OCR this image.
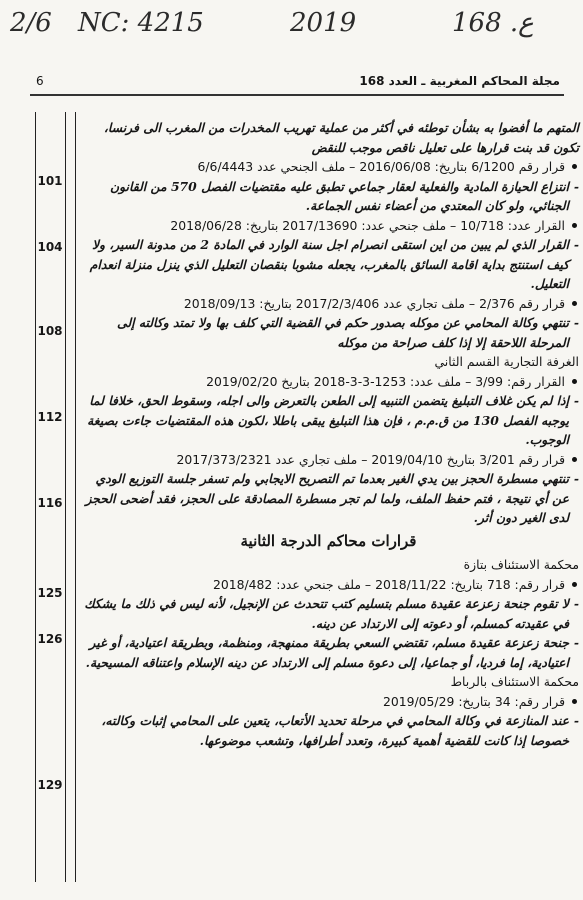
2/6 NC: 4215	2019	168 .ع
مجلة المحاكم المغربية ـ العدد 168
6
101
104
108
112
116
125
126
129

المتهم ما أفضوا به بشأن توطئه في أكثر من عملية تهريب المخدرات من المغرب الى فرنسا، تكون قد بنت قرارها على تعليل ناقص موجب للنقض

قرار رقم 6/1200 بتاريخ: 2016/06/08 – ملف الجنحي عدد 6/6/4443

- انتزاع الحيازة المادية والفعلية لعقار جماعي تطبق عليه مقتضيات الفصل 570 من القانون الجنائي، ولو كان المعتدي من أعضاء نفس الجماعة.

القرار عدد: 10/718 – ملف جنحي عدد: 2017/13690 بتاريخ: 2018/06/28

- القرار الذي لم يبين من اين استقى انصرام اجل سنة الوارد في المادة 2 من مدونة السير، ولا كيف استنتج بداية اقامة السائق بالمغرب، يجعله مشوبا بنقصان التعليل الذي ينزل منزلة انعدام التعليل.

قرار رقم 2/376 – ملف تجاري عدد 2017/2/3/406 بتاريخ: 2018/09/13

- تنتهي وكالة المحامي عن موكله بصدور حكم في القضية التي كلف بها ولا تمتد وكالته إلى المرحلة اللاحقة إلا إذا كلف صراحة من موكله

الغرفة التجارية القسم الثاني

القرار رقم: 3/99 – ملف عدد: 1253-3-3-2018 بتاريخ 2019/02/20

- إذا لم يكن غلاف التبليغ يتضمن التنبيه إلى الطعن بالتعرض والى اجله، وسقوط الحق، خلافا لما يوجبه الفصل 130 من ق.م.م ، فإن هذا التبليغ يبقى باطلا ،لكون هذه المقتضيات جاءت بصيغة الوجوب.

قرار رقم 3/201 بتاريخ 2019/04/10 – ملف تجاري عدد 2017/373/2321

- تنتهي مسطرة الحجز بين يدي الغير بعدما تم التصريح الايجابي ولم تسفر جلسة التوزيع الودي عن أي نتيجة ، فتم حفظ الملف، ولما لم تجر مسطرة المصادقة على الحجز، فقد أضحى الحجز لدى الغير دون أثر.

قرارات محاكم الدرجة الثانية

محكمة الاستئناف بتازة

قرار رقم: 718 بتاريخ: 2018/11/22 – ملف جنحي عدد: 2018/482

- لا تقوم جنحة زعزعة عقيدة مسلم بتسليم كتب تتحدث عن الإنجيل، لأنه ليس في ذلك ما يشكك في عقيدته كمسلم، أو دعوته إلى الارتداد عن دينه.

- جنحة زعزعة عقيدة مسلم، تقتضي السعي بطريقة ممنهجة، ومنظمة، وبطريقة اعتيادية، أو غير اعتيادية، إما فرديا، أو جماعيا، إلى دعوة مسلم إلى الارتداد عن دينه الإسلام واعتناقه المسيحية.

محكمة الاستئناف بالرباط

قرار رقم: 34 بتاريخ: 2019/05/29

- عند المنازعة في وكالة المحامي في مرحلة تحديد الأتعاب، يتعين على المحامي إثبات وكالته، خصوصا إذا كانت للقضية أهمية كبيرة، وتعدد أطرافها، وتشعب موضوعها.
